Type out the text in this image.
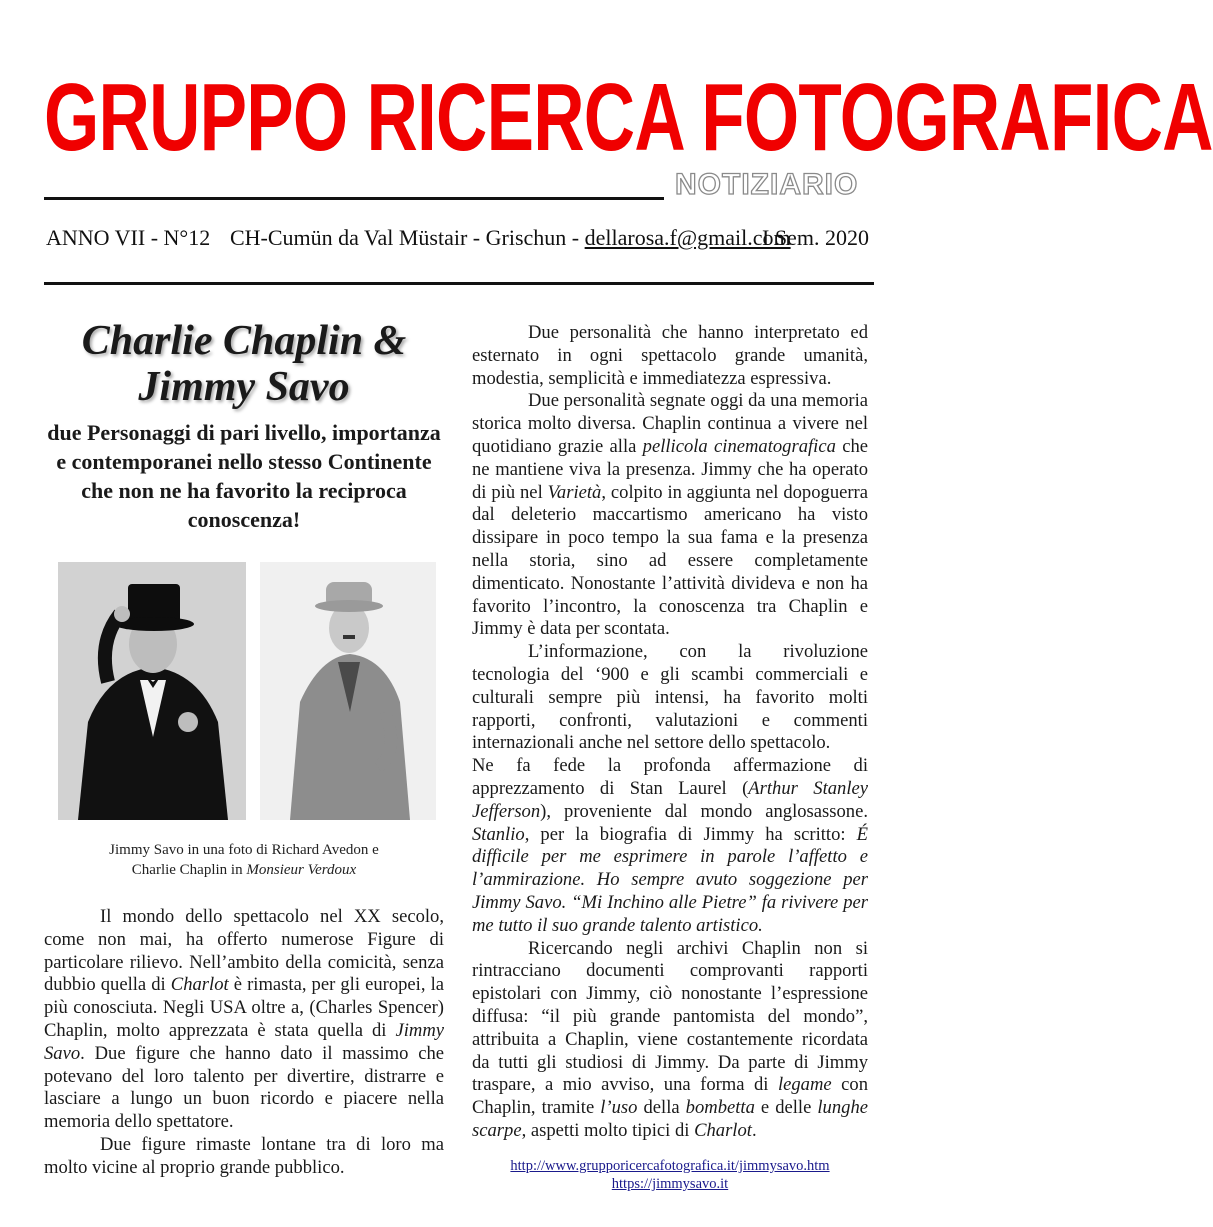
GRUPPO RICERCA FOTOGRAFICA
NOTIZIARIO
ANNO VII - N°12 CH-Cumün da Val Müstair - Grischun - dellarosa.f@gmail.com
I Sem. 2020
Charlie Chaplin &
Jimmy Savo

due Personaggi di pari livello, importanza e contemporanei nello stesso Continente che non ne ha favorito la reciproca conoscenza!

Jimmy Savo in una foto di Richard Avedon e
Charlie Chaplin in Monsieur Verdoux

Il mondo dello spettacolo nel XX secolo, come non mai, ha offerto numerose Figure di particolare rilievo. Nell’ambito della comicità, senza dubbio quella di Charlot è rimasta, per gli europei, la più conosciuta. Negli USA oltre a, (Charles Spencer) Chaplin, molto apprezzata è stata quella di Jimmy Savo. Due figure che hanno dato il massimo che potevano del loro talento per divertire, distrarre e lasciare a lungo un buon ricordo e piacere nella memoria dello spettatore.

Due figure rimaste lontane tra di loro ma molto vicine al proprio grande pubblico.

Due personalità che hanno interpretato ed esternato in ogni spettacolo grande umanità, modestia, semplicità e immediatezza espressiva.

Due personalità segnate oggi da una memoria storica molto diversa. Chaplin continua a vivere nel quotidiano grazie alla pellicola cinematografica che ne mantiene viva la presenza. Jimmy che ha operato di più nel Varietà, colpito in aggiunta nel dopoguerra dal deleterio maccartismo americano ha visto dissipare in poco tempo la sua fama e la presenza nella storia, sino ad essere completamente dimenticato. Nonostante l’attività divideva e non ha favorito l’incontro, la conoscenza tra Chaplin e Jimmy è data per scontata.

L’informazione, con la rivoluzione tecnologia del ‘900 e gli scambi commerciali e culturali sempre più intensi, ha favorito molti rapporti, confronti, valutazioni e commenti internazionali anche nel settore dello spettacolo.

Ne fa fede la profonda affermazione di apprezzamento di Stan Laurel (Arthur Stanley Jefferson), proveniente dal mondo anglosassone. Stanlio, per la biografia di Jimmy ha scritto: É difficile per me esprimere in parole l’affetto e l’ammirazione. Ho sempre avuto soggezione per Jimmy Savo. “Mi Inchino alle Pietre” fa rivivere per me tutto il suo grande talento artistico.

Ricercando negli archivi Chaplin non si rintracciano documenti comprovanti rapporti epistolari con Jimmy, ciò nonostante l’espressione diffusa: “il più grande pantomista del mondo”, attribuita a Chaplin, viene costantemente ricordata da tutti gli studiosi di Jimmy. Da parte di Jimmy traspare, a mio avviso, una forma di legame con Chaplin, tramite l’uso della bombetta e delle lunghe scarpe, aspetti molto tipici di Charlot.

http://www.grupporicercafotografica.it/jimmysavo.htm
https://jimmysavo.it
